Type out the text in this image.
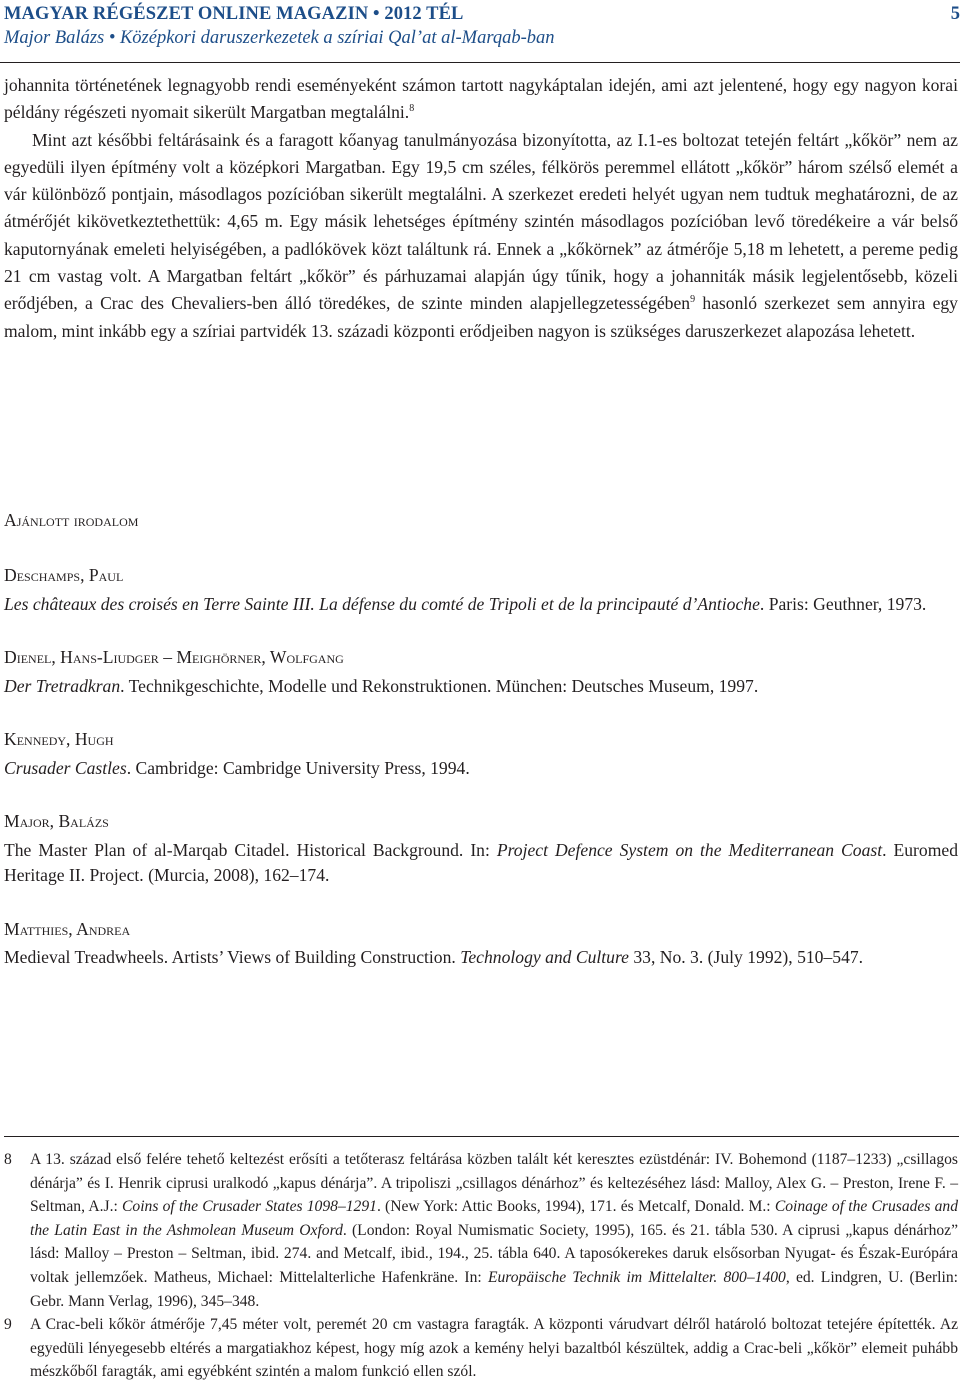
MAGYAR RÉGÉSZET ONLINE MAGAZIN • 2012 TÉL	5
Major Balázs • Középkori daruszerkezetek a szíriai Qal’at al-Marqab-ban

johannita történetének legnagyobb rendi eseményeként számon tartott nagykáptalan idején, ami azt jelentené, hogy egy nagyon korai példány régészeti nyomait sikerült Margatban megtalálni.$^8$

Mint azt későbbi feltárásaink és a faragott kőanyag tanulmányozása bizonyította, az I.1-es boltozat tetején feltárt „kőkör” nem az egyedüli ilyen építmény volt a középkori Margatban. Egy 19,5 cm széles, félkörös peremmel ellátott „kőkör” három szélső elemét a vár különböző pontjain, másodlagos pozícióban sikerült megtalálni. A szerkezet eredeti helyét ugyan nem tudtuk meghatározni, de az átmérőjét kikövetkeztethettük: 4,65 m. Egy másik lehetséges építmény szintén másodlagos pozícióban levő töredékeire a vár belső kaputornyának emeleti helyiségében, a padlókövek közt találtunk rá. Ennek a „kőkörnek” az átmérője 5,18 m lehetett, a pereme pedig 21 cm vastag volt. A Margatban feltárt „kőkör” és párhuzamai alapján úgy tűnik, hogy a johanniták másik legjelentősebb, közeli erődjében, a Crac des Chevaliers-ben álló töredékes, de szinte minden alapjellegzetességében$^9$ hasonló szerkezet sem annyira egy malom, mint inkább egy a szíriai partvidék 13. századi központi erődjeiben nagyon is szükséges daruszerkezet alapozása lehetett.

Ajánlott irodalom
Deschamps, Paul

Les châteaux des croisés en Terre Sainte III. La défense du comté de Tripoli et de la principauté d’Antioche. Paris: Geuthner, 1973.

Dienel, Hans-Liudger – Meighörner, Wolfgang

Der Tretradkran. Technikgeschichte, Modelle und Rekonstruktionen. München: Deutsches Museum, 1997.

Kennedy, Hugh

Crusader Castles. Cambridge: Cambridge University Press, 1994.

Major, Balázs

The Master Plan of al-Marqab Citadel. Historical Background. In: Project Defence System on the Mediterranean Coast. Euromed Heritage II. Project. (Murcia, 2008), 162–174.

Matthies, Andrea

Medieval Treadwheels. Artists’ Views of Building Construction. Technology and Culture 33, No. 3. (July 1992), 510–547.

8 A 13. század első felére tehető keltezést erősíti a tetőterasz feltárása közben talált két keresztes ezüstdénár: IV. Bohemond (1187–1233) „csillagos dénárja” és I. Henrik ciprusi uralkodó „kapus dénárja”. A tripoliszi „csillagos dénárhoz” és keltezéséhez lásd: Malloy, Alex G. – Preston, Irene F. – Seltman, A.J.: Coins of the Crusader States 1098–1291. (New York: Attic Books, 1994), 171. és Metcalf, Donald. M.: Coinage of the Crusades and the Latin East in the Ashmolean Museum Oxford. (London: Royal Numismatic Society, 1995), 165. és 21. tábla 530. A ciprusi „kapus dénárhoz” lásd: Malloy – Preston – Seltman, ibid. 274. and Metcalf, ibid., 194., 25. tábla 640. A taposókerekes daruk elsősorban Nyugat- és Észak-Európára voltak jellemzőek. Matheus, Michael: Mittelalterliche Hafenkräne. In: Europäische Technik im Mittelalter. 800–1400, ed. Lindgren, U. (Berlin: Gebr. Mann Verlag, 1996), 345–348.

9 A Crac-beli kőkör átmérője 7,45 méter volt, peremét 20 cm vastagra faragták. A központi várudvart délről határoló boltozat tetejére építették. Az egyedüli lényegesebb eltérés a margatiakhoz képest, hogy míg azok a kemény helyi bazaltból készültek, addig a Crac-beli „kőkör” elemeit puhább mészkőből faragták, ami egyébként szintén a malom funkció ellen szól.
